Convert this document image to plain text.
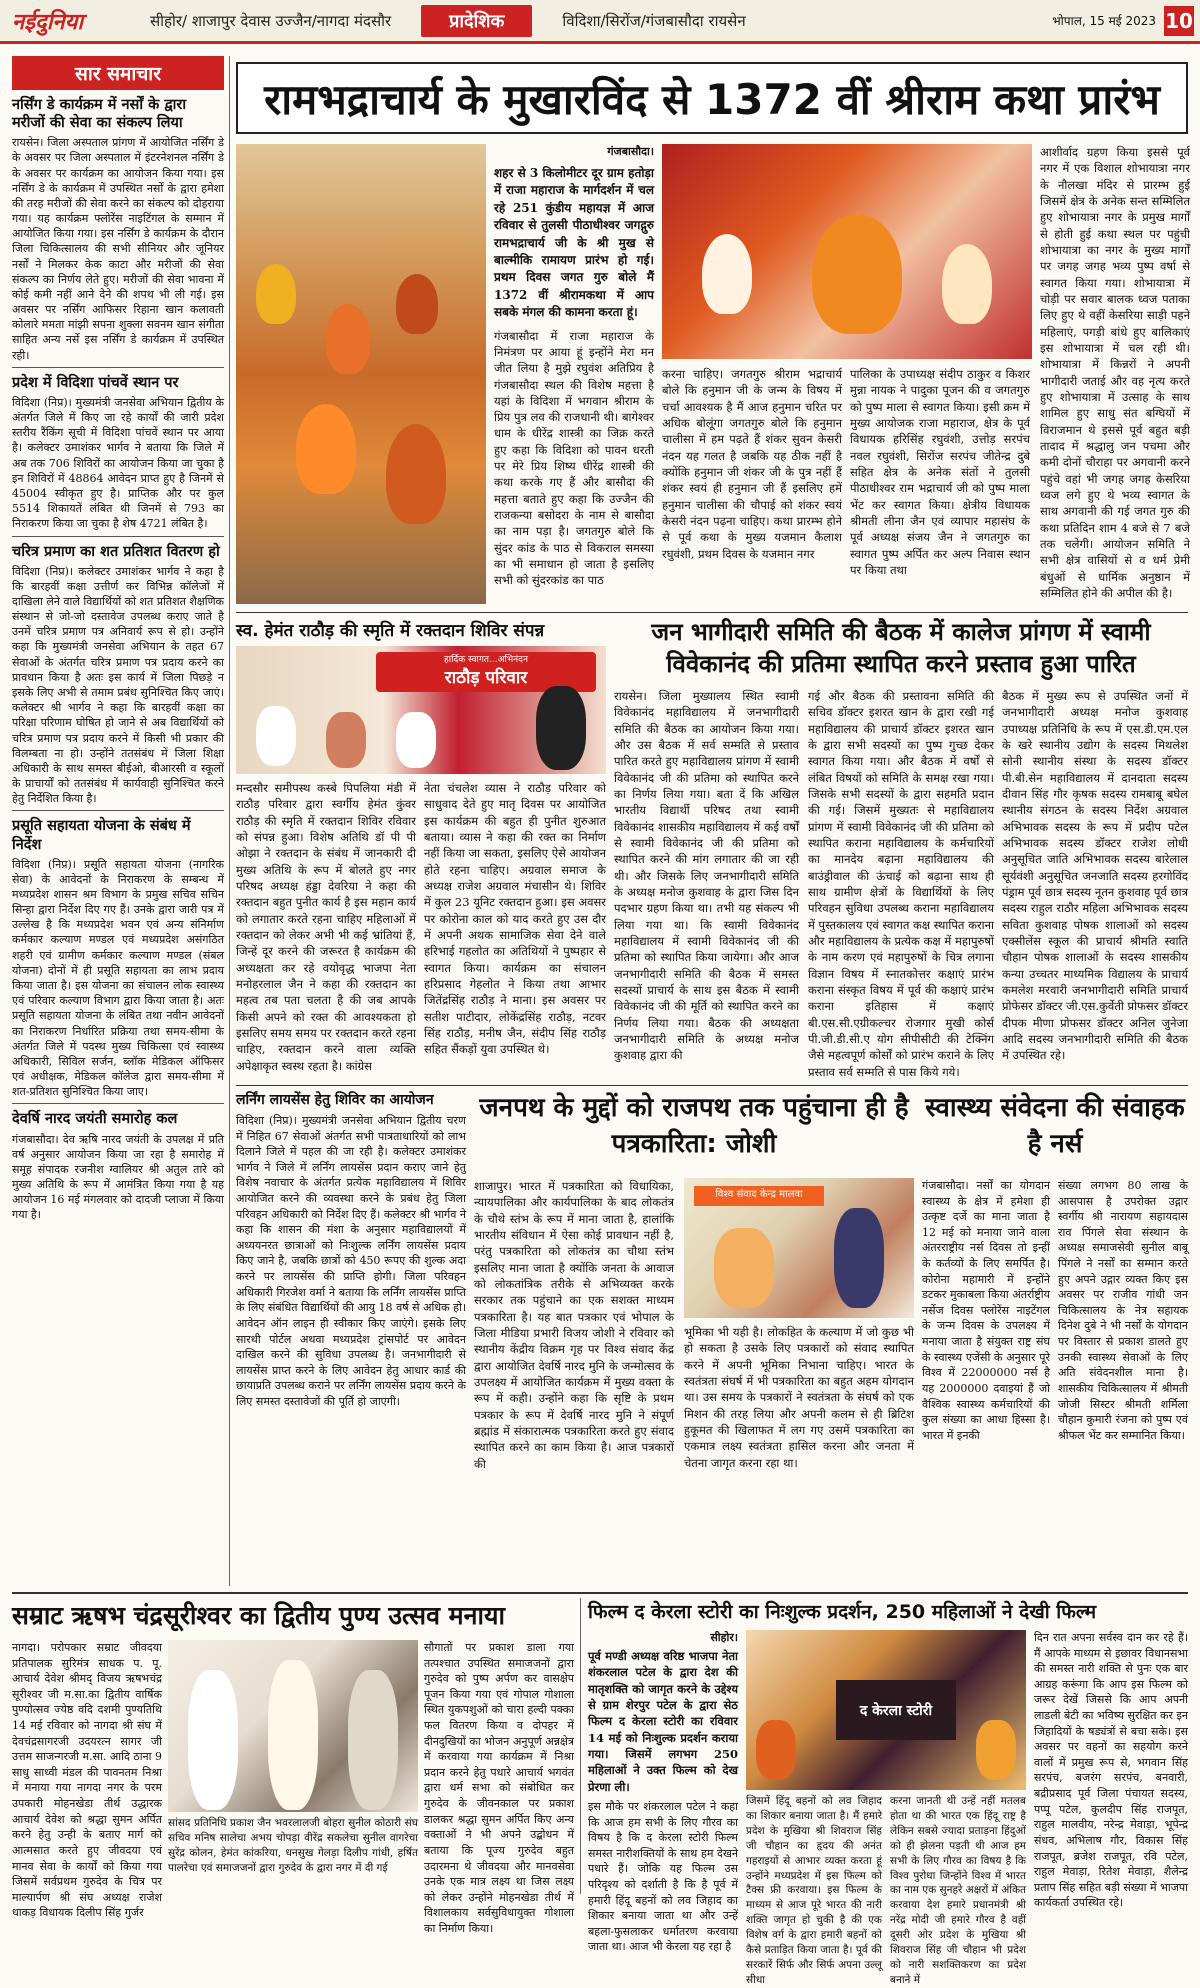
नईदुनिया	सीहोर/ शाजापुर देवास उज्जैन/नागदा मंदसौर	प्रादेशिक	विदिशा/सिरोंज/गंजबासौदा रायसेन	भोपाल, 15 मई 2023 10
सार समाचार
नर्सिंग डे कार्यक्रम में नर्सों के द्वारा मरीजों की सेवा का संकल्प लिया
रायसेन। जिला अस्पताल प्रांगण में आयोजित नर्सिंग डे के अवसर पर जिला अस्पताल में इंटरनेशनल नर्सिंग डे के अवसर पर कार्यक्रम का आयोजन किया गया। इस नर्सिंग डे के कार्यक्रम में उपस्थित नर्सों के द्वारा हमेशा की तरह मरीजों की सेवा करने का संकल्प को दोहराया गया। यह कार्यक्रम फ्लोरेंस नाइटिंगल के सम्मान में आयोजित किया गया। इस नर्सिंग डे कार्यक्रम के दौरान जिला चिकित्सालय की सभी सीनियर और जूनियर नर्सों ने मिलकर केक काटा और मरीजों की सेवा संकल्प का निर्णय लेते हुए। मरीजों की सेवा भावना में कोई कमी नहीं आने देने की शपथ भी ली गई। इस अवसर पर नर्सिंग आफिसर रिहाना खान कलावती कोलारे ममता मांझी सपना शुक्ला सवनम खान संगीता साहित अन्य नर्से इस नर्सिंग डे कार्यक्रम में उपस्थित रही।
प्रदेश में विदिशा पांचवें स्थान पर
विदिशा (निप्र)। मुख्यमंत्री जनसेवा अभियान द्वितीय के अंतर्गत जिले में किए जा रहे कार्यों की जारी प्रदेश स्तरीय रैंकिंग सूची में विदिशा पांचवें स्थान पर आया है। कलेक्टर उमाशंकर भार्गव ने बताया कि जिले में अब तक 706 शिविरों का आयोजन किया जा चुका है इन शिविरों में 48864 आवेदन प्राप्त हुए है जिनमें से 45004 स्वीकृत हुए है। प्राप्तिक और पर कुल 5514 शिकायतें लंबित थी जिनमें से 793 का निराकरण किया जा चुका है शेष 4721 लंबित है।
चरित्र प्रमाण का शत प्रतिशत वितरण हो
विदिशा (निप्र)। कलेक्टर उमाशंकर भार्गव ने कहा है कि बारहवीं कक्षा उत्तीर्ण कर विभिन्न कॉलेजों में दाखिला लेने वाले विद्यार्थियों को शत प्रतिशत शैक्षणिक संस्थान से जो-जो दस्तावेज उपलब्ध कराए जाते है उनमें चरित्र प्रमाण पत्र अनिवार्य रूप से हो। उन्होंने कहा कि मुख्यमंत्री जनसेवा अभियान के तहत 67 सेवाओं के अंतर्गत चरित्र प्रमाण पत्र प्रदाय करने का प्रावधान किया है अतः इस कार्य में जिला पिछड़े न इसके लिए अभी से तमाम प्रबंध सुनिश्चित किए जाएं। कलेक्टर श्री भार्गव ने कहा कि बारहवीं कक्षा का परिक्षा परिणाम घोषित हो जाने से अब विद्यार्थियों को चरित्र प्रमाण पत्र प्रदाय करने में किसी भी प्रकार की विलम्बता ना हो। उन्होंने ततसंबंध में जिला शिक्षा अधिकारी के साथ समस्त बीईओ, बीआरसी व स्कूलों के प्राचार्यों को ततसंबंध में कार्यवाही सुनिश्चित करने हेतु निर्देशित किया है।
प्रसूति सहायता योजना के संबंध में निर्देश
विदिशा (निप्र)। प्रसूति सहायता योजना (नागरिक सेवा) के आवेदनों के निराकरण के सम्बन्ध में मध्यप्रदेश शासन श्रम विभाग के प्रमुख सचिव सचिन सिन्हा द्वारा निर्देश दिए गए हैं। उनके द्वारा जारी पत्र में उल्लेख है कि मध्यप्रदेश भवन एवं अन्य संनिर्माण कर्मकार कल्याण मण्डल एवं मध्यप्रदेश असंगठित शहरी एवं ग्रामीण कर्मकार कल्याण मण्डल (संबल योजना) दोनों में ही प्रसूति सहायता का लाभ प्रदाय किया जाता है। इस योजना का संचालन लोक स्वास्थ्य एवं परिवार कल्याण विभाग द्वारा किया जाता है। अतः प्रसूति सहायता योजना के लंबित तथा नवीन आवेदनों का निराकरण निर्धारित प्रक्रिया तथा समय-सीमा के अंतर्गत जिले में पदस्थ मुख्य चिकित्सा एवं स्वास्थ्य अधिकारी, सिविल सर्जन, ब्लॉक मेडिकल ऑफिसर एवं अधीक्षक, मेडिकल कॉलेज द्वारा समय-सीमा में शत-प्रतिशत सुनिश्चित किया जाए।
देवर्षि नारद जयंती समारोह कल
गंजबासौदा। देव ऋषि नारद जयंती के उपलक्ष में प्रति वर्ष अनुसार आयोजन किया जा रहा है समारोह में समूह संपादक रजनीश ग्वालियर श्री अतुल तारे को मुख्य अतिथि के रूप में आमंत्रित किया गया है यह आयोजन 16 मई मंगलवार को दादजी प्लाजा में किया गया है।
रामभद्राचार्य के मुखारविंद से 1372 वीं श्रीराम कथा प्रारंभ
गंजबासौदा।
शहर से 3 किलोमीटर दूर ग्राम हतोड़ा में राजा महाराज के मार्गदर्शन में चल रहे 251 कुंडीय महायज्ञ में आज रविवार से तुलसी पीठाधीश्वर जगद्गुरु रामभद्राचार्य जी के श्री मुख से बाल्मीकि रामायण प्रारंभ हो गई। प्रथम दिवस जगत गुरु बोले मैं 1372 वीं श्रीरामकथा में आप सबके मंगल की कामना करता हूं।
गंजबासौदा में राजा महाराज के निमंत्रण पर आया हूं इन्होंने मेरा मन जीत लिया है मुझे रघुवंश अतिप्रिय है गंजबासौदा स्थल की विशेष महत्ता है यहां के विदिशा में भगवान श्रीराम के प्रिय पुत्र लव की राजधानी थी। बागेश्वर धाम के धीरेंद्र शास्त्री का जिक्र करते हुए कहा कि विदिशा को पावन धरती पर मेरे प्रिय शिष्य धीरेंद्र शास्त्री की कथा करके गए हैं और बासौदा की महत्ता बताते हुए कहा कि उज्जैन की राजकन्या बसोदरा के नाम से बासौदा का नाम पड़ा है। जगतगुरु बोले कि सुंदर कांड के पाठ से विकराल समस्या का भी समाधान हो जाता है इसलिए सभी को सुंदरकांड का पाठ
करना चाहिए। जगतगुरु श्रीराम भद्राचार्य बोले कि हनुमान जी के जन्म के विषय में चर्चा आवश्यक है मैं आज हनुमान चरित पर अधिक बोलूंगा जगतगुरु बोले कि हनुमान चालीसा में हम पढ़ते हैं शंकर सुवन केसरी नंदन यह गलत है जबकि यह ठीक नहीं है क्योंकि हनुमान जी शंकर जी के पुत्र नहीं हैं शंकर स्वयं ही हनुमान जी हैं इसलिए हमें हनुमान चालीसा की चौपाई को शंकर स्वयं केसरी नंदन पढ़ना चाहिए। कथा प्रारम्भ होने से पूर्व कथा के मुख्य यजमान कैलाश रघुवंशी, प्रथम दिवस के यजमान नगर
पालिका के उपाध्यक्ष संदीप ठाकुर व किशर मुन्ना नायक ने पादुका पूजन की व जगतगुरु को पुष्प माला से स्वागत किया। इसी क्रम में मुख्य आयोजक राजा महाराज, क्षेत्र के पूर्व विधायक हरिसिंह रघुवंशी, उत्तोड़ सरपंच नवल रघुवंशी, सिरोंज सरपंच जीतेन्द्र दुबे सहित क्षेत्र के अनेक संतों ने तुलसी पीठाधीश्वर राम भद्राचार्य जी को पुष्प माला भेंट कर स्वागत किया। क्षेत्रीय विधायक श्रीमती लीना जैन एवं व्यापार महासंघ के पूर्व अध्यक्ष संजय जैन ने जगतगुरु का स्वागत पुष्प अर्पित कर अल्प निवास स्थान पर किया तथा
आशीर्वाद ग्रहण किया इससे पूर्व नगर में एक विशाल शोभायात्रा नगर के नौलखा मंदिर से प्रारम्भ हुई जिसमें क्षेत्र के अनेक सन्त सम्मिलित हुए शोभायात्रा नगर के प्रमुख मार्गों से होती हुई कथा स्थल पर पहुंची शोभायात्रा का नगर के मुख्य मार्गों पर जगह जगह भव्य पुष्प वर्षा से स्वागत किया गया। शोभायात्रा में चोड़ी पर सवार बालक ध्वज पताका लिए हुए थे वहीं केसरिया साड़ी पहने महिलाएं, पगड़ी बांधे हुए बालिकाएं इस शोभायात्रा में चल रही थी। शोभायात्रा में किन्नरों ने अपनी भागीदारी जताई और वह नृत्य करते हुए शोभायात्रा में उत्साह के साथ शामिल हुए साधु संत बग्घियों में विराजमान थे इससे पूर्व बहुत बड़ी तादाद में श्रद्धालु जन पचमा और कमी दोनों चौराहा पर अगवानी करने पहुंचे वहां भी जगह जगह केसरिया ध्वज लगे हुए थे भव्य स्वागत के साथ अगवानी की गई जगत गुरु की कथा प्रतिदिन शाम 4 बजे से 7 बजे तक चलेगी। आयोजन समिति ने सभी क्षेत्र वासियों से व धर्म प्रेमी बंधुओं से धार्मिक अनुष्ठान में सम्मिलित होने की अपील की है।
स्व. हेमंत राठौड़ की स्मृति में रक्तदान शिविर संपन्न
हार्दिक स्वागत...अभिनंदन
राठौड़ परिवार
मन्दसौर समीपस्थ कस्बे पिपलिया मंडी में राठौड़ परिवार द्वारा स्वर्गीय हेमंत कुंवर राठौड़ की स्मृति में रक्तदान शिविर रविवार को संपन्न हुआ। विशेष अतिथि डॉ पी पी ओझा ने रक्तदान के संबंध में जानकारी दी मुख्य अतिथि के रूप में बोलते हुए नगर परिषद अध्यक्ष हंड्डा देवरिया ने कहा की रक्तदान बहुत पुनीत कार्य है इस महान कार्य को लगातार करते रहना चाहिए महिलाओं में रक्तदान को लेकर अभी भी कई भ्रांतियां हैं, जिन्हें दूर करने की जरूरत है कार्यक्रम की अध्यक्षता कर रहे वयोवृद्ध भाजपा नेता मनोहरलाल जैन ने कहा की रक्तदान का महत्व तब पता चलता है की जब आपके किसी अपने को रक्त की आवश्यकता हो इसलिए समय समय पर रक्तदान करते रहना चाहिए, रक्तदान करने वाला व्यक्ति अपेक्षाकृत स्वस्थ रहता है। कांग्रेस
नेता चंचलेश व्यास ने राठौड़ परिवार को साधुवाद देते हुए मातृ दिवस पर आयोजित इस कार्यक्रम की बहुत ही पुनीत शुरुआत बताया। व्यास ने कहा की रक्त का निर्माण नहीं किया जा सकता, इसलिए ऐसे आयोजन होते रहना चाहिए। अग्रवाल समाज के अध्यक्ष राजेश अग्रवाल मंचासीन थे। शिविर में कुल 23 यूनिट रक्तदान हुआ। इस अवसर पर कोरोना काल को याद करते हुए उस दौर में अपनी अथक सामाजिक सेवा देने वाले हरिभाई गहलोत का अतिथियों ने पुष्पहार से स्वागत किया। कार्यक्रम का संचालन हरिप्रसाद गेहलोत ने किया तथा आभार जितेंद्रसिंह राठौड़ ने माना। इस अवसर पर सतीश पाटीदार, लोकेंद्रसिंह राठौड़, नटवर सिंह राठौड़, मनीष जैन, संदीप सिंह राठौड़ सहित सैंकड़ों युवा उपस्थित थे।
जन भागीदारी समिति की बैठक में कालेज प्रांगण में स्वामी विवेकानंद की प्रतिमा स्थापित करने प्रस्ताव हुआ पारित
रायसेन। जिला मुख्यालय स्थित स्वामी विवेकानंद महाविद्यालय में जनभागीदारी समिति की बैठक का आयोजन किया गया। और उस बैठक में सर्व सम्मति से प्रस्ताव पारित करते हुए महाविद्यालय प्रांगण में स्वामी विवेकानंद जी की प्रतिमा को स्थापित करने का निर्णय लिया गया। बता दें कि अखिल भारतीय विद्यार्थी परिषद तथा स्वामी विवेकानंद शासकीय महाविद्यालय में कई वर्षों से स्वामी विवेकानंद जी की प्रतिमा को स्थापित करने की मांग लगातार की जा रही थी। और जिसके लिए जनभागीदारी समिति के अध्यक्ष मनोज कुशवाह के द्वारा जिस दिन पदभार ग्रहण किया था। तभी यह संकल्प भी लिया गया था। कि स्वामी विवेकानंद महाविद्यालय में स्वामी विवेकानंद जी की प्रतिमा को स्थापित किया जायेगा। और आज जनभागीदारी समिति की बैठक में समस्त सदस्यों प्राचार्य के साथ इस बैठक में स्वामी विवेकानंद जी की मूर्ति को स्थापित करने का निर्णय लिया गया। बैठक की अध्यक्षता जनभागीदारी समिति के अध्यक्ष मनोज कुशवाह द्वारा की
गई और बैठक की प्रस्तावना समिति की सचिव डॉक्टर इशरत खान के द्वारा रखी गई महाविद्यालय की प्राचार्य डॉक्टर इशरत खान के द्वारा सभी सदस्यों का पुष्प गुच्छ देकर स्वागत किया गया। और बैठक में वर्षों से लंबित विषयों को समिति के समक्ष रखा गया। जिसके सभी सदस्यों के द्वारा सहमति प्रदान की गई। जिसमें मुख्यतः से महाविद्यालय प्रांगण में स्वामी विवेकानंद जी की प्रतिमा को स्थापित कराना महाविद्यालय के कर्मचारियों का मानदेय बढ़ाना महाविद्यालय की बाउंड्रीवाल की ऊंचाई को बढ़ाना साथ ही साथ ग्रामीण क्षेत्रों के विद्यार्थियों के लिए परिवहन सुविधा उपलब्ध कराना महाविद्यालय में पुस्तकालय एवं स्वागत कक्ष स्थापित कराना और महाविद्यालय के प्रत्येक कक्ष में महापुरुषों के नाम करण एवं महापुरुषों के चित्र लगाना विज्ञान विषय में स्नातकोत्तर कक्षाएं प्रारंभ कराना संस्कृत विषय में पूर्व की कक्षाएं प्रारंभ कराना इतिहास में कक्षाएं बी.एस.सी.एग्रीकल्चर रोजगार मुखी कोर्स पी.जी.डी.सी.ए योग सीपीसीटी की टेक्निंग जैसे महत्वपूर्ण कोर्सों को प्रारंभ कराने के लिए प्रस्ताव सर्व सम्मति से पास किये गये।
बैठक में मुख्य रूप से उपस्थित जनों में जनभागीदारी अध्यक्ष मनोज कुशवाह उपाध्यक्ष प्रतिनिधि के रूप में एस.डी.एम.एल के खरे स्थानीय उद्योग के सदस्य मिथलेश सोनी स्थानीय संस्था के सदस्य डॉक्टर पी.बी.सेन महाविद्यालय में दानदाता सदस्य दीवान सिंह गौर कृषक सदस्य रामबाबू बघेल स्थानीय संगठन के सदस्य निर्देश अग्रवाल अभिभावक सदस्य के रूप में प्रदीप पटेल अभिभावक सदस्य डॉक्टर राजेश लोधी अनुसूचित जाति अभिभावक सदस्य बारेलाल सूर्यवंशी अनुसूचित जनजाति सदस्य हरगोविंद पंड्राम पूर्व छात्र सदस्य नूतन कुशवाह पूर्व छात्र सदस्य राहुल राठौर महिला अभिभावक सदस्य सविता कुशवाह पोषक शालाओं को सदस्य एक्सीलेंस स्कूल की प्राचार्य श्रीमति स्वाति चौहान पोषक शालाओं के सदस्य शासकीय कन्या उच्चतर माध्यमिक विद्यालय के प्राचार्य कमलेश मरवारी जनभागीदारी समिति प्राचार्य प्रोफेसर डॉक्टर जी.एस.कुर्वेती प्रोफसर डॉक्टर दीपक मीणा प्रोफसर डॉक्टर अनिल जुनेजा आदि सदस्य जनभागीदारी समिति की बैठक में उपस्थित रहे।
लर्निंग लायसेंस हेतु शिविर का आयोजन
विदिशा (निप्र)। मुख्यमंत्री जनसेवा अभियान द्वितीय चरण में निहित 67 सेवाओं अंतर्गत सभी पात्रताधारियों को लाभ दिलाने जिले में पहल की जा रही है। कलेक्टर उमाशंकर भार्गव ने जिले में लर्निंग लायसेंस प्रदान कराए जाने हेतु विशेष नवाचार के अंतर्गत प्रत्येक महाविद्यालय में शिविर आयोजित करने की व्यवस्था करने के प्रबंध हेतु जिला परिवहन अधिकारी को निर्देश दिए हैं। कलेक्टर श्री भार्गव ने कहा कि शासन की मंशा के अनुसार महाविद्यालयों में अध्ययनरत छात्राओं को निःशुल्क लर्निंग लायसेंस प्रदाय किए जाने है, जबकि छात्रों को 450 रूपए की शुल्क अदा करने पर लायसेंस की प्राप्ति होगी। जिला परिवहन अधिकारी गिरजेश वर्मा ने बताया कि लर्निंग लायसेंस प्राप्ति के लिए संबंधित विद्यार्थियों की आयु 18 वर्ष से अधिक हो। आवेदन ऑन लाइन ही स्वीकार किए जाएंगे। इसके लिए सारथी पोर्टल अथवा मध्यप्रदेश ट्रांसपोर्ट पर आवेदन दाखिल करने की सुविधा उपलब्ध है। जनभागीदारी से लायसेंस प्राप्त करने के लिए आवेदन हेतु आधार कार्ड की छायाप्रति उपलब्ध कराने पर लर्निंग लायसेंस प्रदाय करने के लिए समस्त दस्तावेजों की पूर्ति हो जाएगी।
जनपथ के मुद्दों को राजपथ तक पहुंचाना ही है पत्रकारिता: जोशी
शाजापुर। भारत में पत्रकारिता को विधायिका, न्यायपालिका और कार्यपालिका के बाद लोकतंत्र के चौथे स्तंभ के रूप में माना जाता है, हालांकि भारतीय संविधान में ऐसा कोई प्रावधान नहीं है, परंतु पत्रकारिता को लोकतंत्र का चौथा स्तंभ इसलिए माना जाता है क्योंकि जनता के आवाज को लोकतांत्रिक तरीके से अभिव्यक्त करके सरकार तक पहुंचाने का एक सशक्त माध्यम पत्रकारिता है। यह बात पत्रकार एवं भोपाल के जिला मीडिया प्रभारी विजय जोशी ने रविवार को स्थानीय केंद्रीय विक्रम गृह पर विश्व संवाद केंद्र द्वारा आयोजित देवर्षि नारद मुनि के जन्मोत्सव के उपलक्ष्य में आयोजित कार्यक्रम में मुख्य वक्ता के रूप में कही। उन्होंने कहा कि सृष्टि के प्रथम पत्रकार के रूप में देवर्षि नारद मुनि ने संपूर्ण ब्रह्मांड में संकारात्मक पत्रकारिता करते हुए संवाद स्थापित करने का काम किया है। आज पत्रकारों की
विश्व संवाद केन्द्र मालवा
भूमिका भी यही है। लोकहित के कल्याण में जो कुछ भी हो सकता है उसके लिए पत्रकारों को संवाद स्थापित करने में अपनी भूमिका निभाना चाहिए। भारत के स्वतंत्रता संघर्ष में भी पत्रकारिता का बहुत अहम योगदान था। उस समय के पत्रकारों ने स्वतंत्रता के संघर्ष को एक मिशन की तरह लिया और अपनी कलम से ही ब्रिटिश हुकूमत की खिलाफत में लग गए उसमें पत्रकारिता का एकमात्र लक्ष्य स्वतंत्रता हासिल करना और जनता में चेतना जागृत करना रहा था।
स्वास्थ्य संवेदना की संवाहक है नर्स
गंजबासौदा। नर्सों का योगदान स्वास्थ्य के क्षेत्र में हमेशा ही उत्कृष्ट दर्जे का माना जाता है 12 मई को मनाया जाने वाला अंतरराष्ट्रीय नर्स दिवस तो इन्हीं के कर्तव्यों के लिए समर्पित है। कोरोना महामारी में इन्होंने डटकर मुकाबला किया अंतर्राष्ट्रीय नर्सेज दिवस फ्लोरेंस नाइटेंगल के जन्म दिवस के उपलक्ष्य में मनाया जाता है संयुक्त राष्ट्र संघ के स्वास्थ्य एजेंसी के अनुसार पूरे विश्व में 22000000 नर्स है यह 2000000 दवाइयां हैं जो वैश्विक स्वास्थ्य कर्मचारियों की कुल संख्या का आधा हिस्सा है। भारत में इनकी
संख्या लगभग 80 लाख के आसपास है उपरोक्त उद्गार स्वर्गीय श्री नारायण सहायदास राव पिंगले सेवा संस्थान के अध्यक्ष समाजसेवी सुनील बाबू पिंगले ने नर्सों का सम्मान करते हुए अपने उद्गार व्यक्त किए इस अवसर पर राजीव गांधी जन चिकित्सालय के नेत्र सहायक दिनेश दुबे ने भी नर्सों के योगदान पर विस्तार से प्रकाश डालते हुए उनकी स्वास्थ्य सेवाओं के लिए अति संवेदनशील माना है। शासकीय चिकित्सालय में श्रीमती जोजी सिस्टर श्रीमती शर्मिला चौहान कुमारी रंजना को पुष्प एवं श्रीफल भेंट कर सम्मानित किया।
सम्राट ऋषभ चंद्रसूरीश्वर का द्वितीय पुण्य उत्सव मनाया
नागदा। परोपकार सम्राट जीवदया प्रतिपालक सुरिमंत्र साधक प. पू. आचार्य देवेश श्रीमद् विजय ऋषभचंद्र सूरीश्वर जी म.सा.का द्वितीय वार्षिक पुण्योत्सव ज्येष्ठ वदि दशमी पुण्यतिथि 14 मई रविवार को नागदा श्री संघ में देवचंद्रसागरजी उदयरत्न सागर जी उत्तम साजन्गरजी म.सा. आदि ठाना 9 साधु साध्वी मंडल की पावनतम निश्रा में मनाया गया नागदा नगर के परम उपकारी मोहनखेडा तीर्थ उद्धारक आचार्य देवेश को श्रद्धा सुमन अर्पित करने हेतु उन्ही के बताए मार्ग को आत्मसात करते हुए जीवदया एवं मानव सेवा के कार्यों को किया गया जिसमें सर्वप्रथम गुरुदेव के चित्र पर माल्यार्पण श्री संघ अध्यक्ष राजेश धाकड़ विधायक दिलीप सिंह गुर्जर
सांसद प्रतिनिधि प्रकाश जैन भवरलालजी बोहरा सुनील कोठारी संघ सचिव मनिष सालेचा अभय चोपड़ा वीरेंद्र सकलेचा सुनील वागरेचा सुरेंद्र कोलन, हेमंत कांकरिया, धनसुख गेलड़ा दिलीप गांधी, हर्षित पालरेचा एवं समाजजनों द्वारा गुरुदेव के द्वारा नगर में दी गई
सौगातों पर प्रकाश डाला गया तत्पश्चात उपस्थित समाजजनों द्वारा गुरुदेव को पुष्प अर्पण कर वासक्षेप पूजन किया गया एवं गोपाल गोशाला स्थित युकपशुओं को चारा हल्दी पक्का फल वितरण किया व दोपहर में दीनदुखियों का भोजन अनुपूर्ण अन्नक्षेत्र में करवाया गया कार्यक्रम में निश्रा प्रदान करने हेतु पधारे आचार्य भगवंत द्वारा धर्म सभा को संबोधित कर गुरुदेव के जीवनकाल पर प्रकाश डालकर श्रद्धा सुमन अर्पित किए अन्य वक्ताओं ने भी अपने उद्बोधन में बताया कि पूज्य गुरुदेव बहुत उदारमना थे जीवदया और मानवसेवा उनके एक मात्र लक्ष्य था जिस लक्ष्य को लेकर उन्होंने मोहनखेडा तीर्थ में विशालकाय सर्वसुविधायुक्त गोशाला का निर्माण किया।
फिल्म द केरला स्टोरी का निःशुल्क प्रदर्शन, 250 महिलाओं ने देखी फिल्म
सीहोर।
पूर्व मण्डी अध्यक्ष वरिष्ठ भाजपा नेता शंकरलाल पटेल के द्वारा देश की मातृशक्ति को जागृत करने के उद्देश्य से ग्राम शेरपुर पटेल के द्वारा सेठ फिल्म द केरला स्टोरी का रविवार 14 मई को निःशुल्क प्रदर्शन कराया गया। जिसमें लगभग 250 महिलाओं ने उक्त फिल्म को देख प्रेरणा ली।
इस मौके पर शंकरलाल पटेल ने कहा कि आज हम सभी के लिए गौरव का विषय है कि द केरला स्टोरी फिल्म समस्त नारीशक्तियों के साथ हम देखने पधारे हैं। जोकि यह फिल्म उस परिदृश्य को दर्शाती है कि है पूर्व में हमारी हिंदू बहनों को लव जिहाद का शिकार बनाया जाता था और उन्हें बहला-फुसलाकर धर्मातरण करवाया जाता था। आज भी केरला यह रहा है
द केरला स्टोरी
जिसमें हिंदू बहनों को लव जिहाद का शिकार बनाया जाता है। मैं हमारे प्रदेश के मुखिया श्री शिवराज सिंह जी चौहान का हृदय की अनंत गहराइयों से आभार व्यक्त करता हूं उन्होंने मध्यप्रदेश में इस फिल्म को टैक्स फ्री करवाया। इस फिल्म के माध्यम से आज पूरे भारत की नारी शक्ति जागृत हो चुकी है की एक विशेष वर्ग के द्वारा हमारी बहनों को कैसे प्रताड़ित किया जाता है। पूर्व की सरकारें सिर्फ और सिर्फ अपना उल्लू सीधा
करना जानती थी उन्हें नहीं मतलब होता था की भारत एक हिंदू राष्ट्र है लेकिन सबसे ज्यादा प्रताड़ना हिंदुओं को ही झेलना पड़ती थी आज हम सभी के लिए गौरव का विषय है कि विश्व पुरोधा जिन्होंने विश्व में भारत का नाम एक सुनहरे अक्षरों में अंकित करवाया देश हमारे प्रधानमंत्री श्री नरेंद्र मोदी जी हमारे गौरव है वहीं दूसरी ओर प्रदेश के मुखिया श्री शिवराज सिंह जी चौहान भी प्रदेश को नारी सशक्तिकरण का प्रदेश बनाने में
दिन रात अपना सर्वस्व दान कर रहे हैं। मैं आपके माध्यम से इछावर विधानसभा की समस्त नारी शक्ति से पुनः एक बार आग्रह करूंगा कि आप इस फिल्म को जरूर देखें जिससे कि आप अपनी लाडली बेटी का भविष्य सुरक्षित कर इन जिहादियों के षड्यंत्रों से बचा सके। इस अवसर पर वहनों का सहयोग करने वालों में प्रमुख रूप से, भगवान सिंह सरपंच, बजरंग सरपंच, बनवारी, बद्रीप्रसाद पूर्व जिला पंचायत सदस्य, पप्पू पटेल, कुलदीप सिंह राजपूत, राहुल मालवीय, नरेन्द्र मेवाड़ा, भूपेन्द्र संधव, अभिलाष गौर, विकास सिंह राजपूत, ब्रजेश राजपूत, रवि पटेल, राहुल मेवाड़ा, रितेश मेवाड़ा, शैलेन्द्र प्रताप सिंह सहित बड़ी संख्या में भाजपा कार्यकर्ता उपस्थित रहे।
